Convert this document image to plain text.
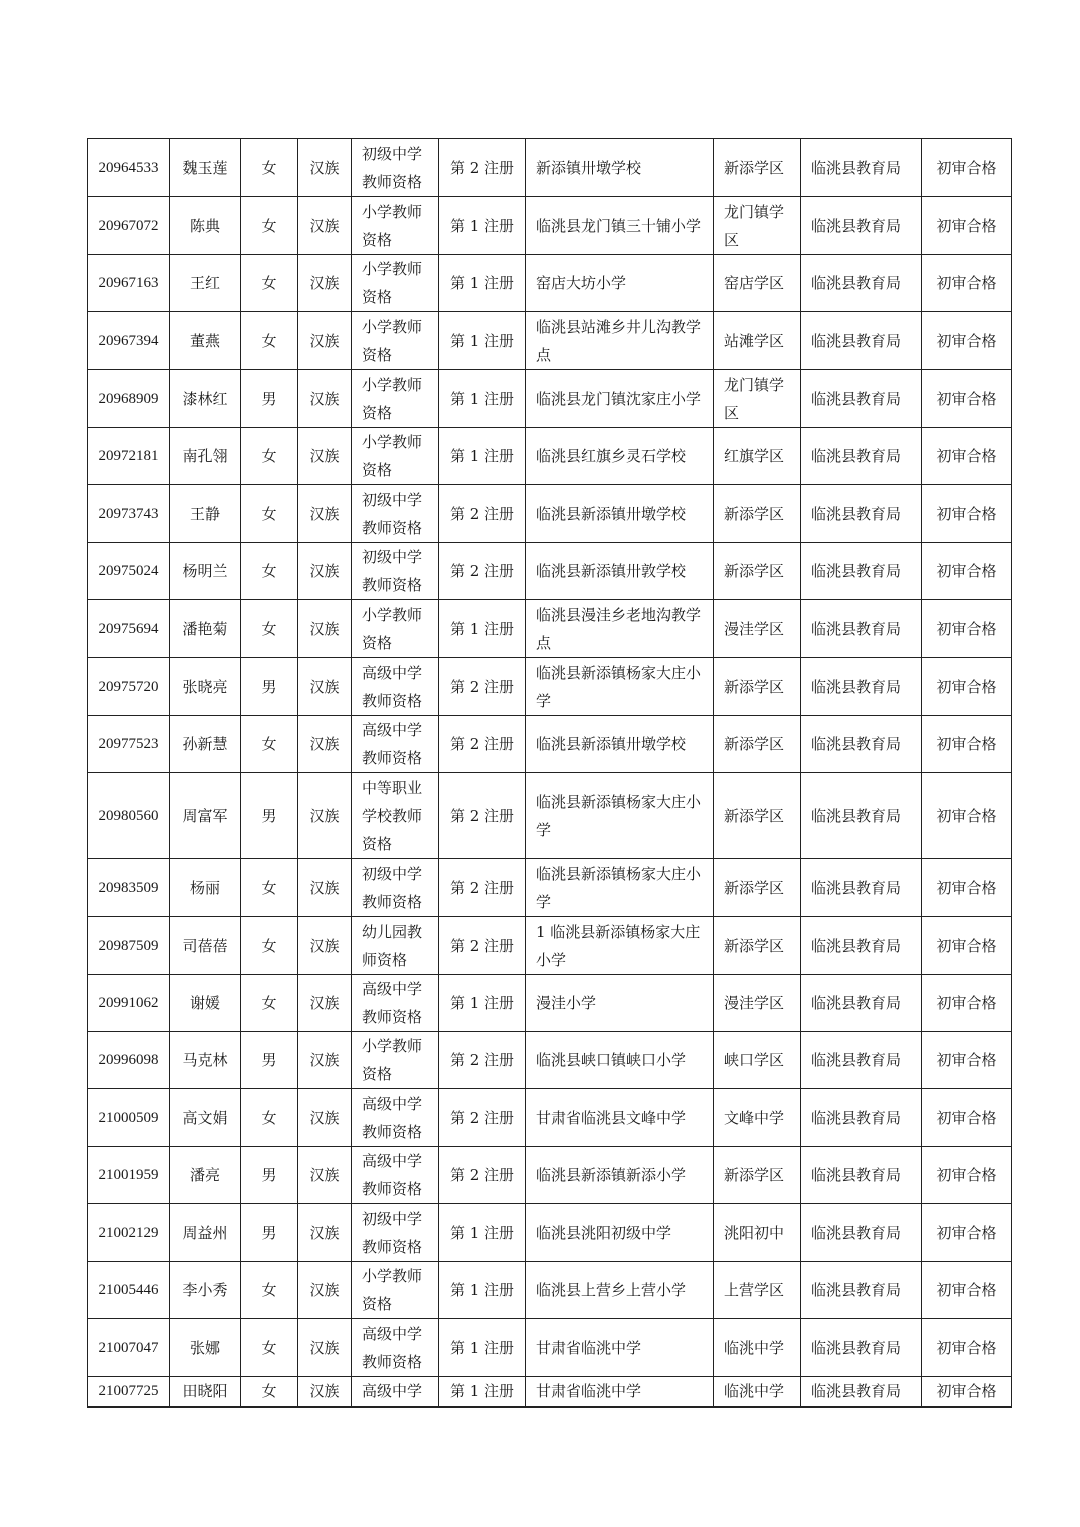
20964533	魏玉莲	女	汉族	初级中学教师资格	第 2 注册	新添镇卅墩学校	新添学区	临洮县教育局	初审合格
20967072	陈典	女	汉族	小学教师资格	第 1 注册	临洮县龙门镇三十铺小学	龙门镇学区	临洮县教育局	初审合格
20967163	王红	女	汉族	小学教师资格	第 1 注册	窑店大坊小学	窑店学区	临洮县教育局	初审合格
20967394	董燕	女	汉族	小学教师资格	第 1 注册	临洮县站滩乡井儿沟教学点	站滩学区	临洮县教育局	初审合格
20968909	漆林红	男	汉族	小学教师资格	第 1 注册	临洮县龙门镇沈家庄小学	龙门镇学区	临洮县教育局	初审合格
20972181	南孔翎	女	汉族	小学教师资格	第 1 注册	临洮县红旗乡灵石学校	红旗学区	临洮县教育局	初审合格
20973743	王静	女	汉族	初级中学教师资格	第 2 注册	临洮县新添镇卅墩学校	新添学区	临洮县教育局	初审合格
20975024	杨明兰	女	汉族	初级中学教师资格	第 2 注册	临洮县新添镇卅敦学校	新添学区	临洮县教育局	初审合格
20975694	潘艳菊	女	汉族	小学教师资格	第 1 注册	临洮县漫洼乡老地沟教学点	漫洼学区	临洮县教育局	初审合格
20975720	张晓亮	男	汉族	高级中学教师资格	第 2 注册	临洮县新添镇杨家大庄小学	新添学区	临洮县教育局	初审合格
20977523	孙新慧	女	汉族	高级中学教师资格	第 2 注册	临洮县新添镇卅墩学校	新添学区	临洮县教育局	初审合格
20980560	周富军	男	汉族	中等职业学校教师资格	第 2 注册	临洮县新添镇杨家大庄小学	新添学区	临洮县教育局	初审合格
20983509	杨丽	女	汉族	初级中学教师资格	第 2 注册	临洮县新添镇杨家大庄小学	新添学区	临洮县教育局	初审合格
20987509	司蓓蓓	女	汉族	幼儿园教师资格	第 2 注册	1 临洮县新添镇杨家大庄小学	新添学区	临洮县教育局	初审合格
20991062	谢媛	女	汉族	高级中学教师资格	第 1 注册	漫洼小学	漫洼学区	临洮县教育局	初审合格
20996098	马克林	男	汉族	小学教师资格	第 2 注册	临洮县峡口镇峡口小学	峡口学区	临洮县教育局	初审合格
21000509	高文娟	女	汉族	高级中学教师资格	第 2 注册	甘肃省临洮县文峰中学	文峰中学	临洮县教育局	初审合格
21001959	潘亮	男	汉族	高级中学教师资格	第 2 注册	临洮县新添镇新添小学	新添学区	临洮县教育局	初审合格
21002129	周益州	男	汉族	初级中学教师资格	第 1 注册	临洮县洮阳初级中学	洮阳初中	临洮县教育局	初审合格
21005446	李小秀	女	汉族	小学教师资格	第 1 注册	临洮县上营乡上营小学	上营学区	临洮县教育局	初审合格
21007047	张娜	女	汉族	高级中学教师资格	第 1 注册	甘肃省临洮中学	临洮中学	临洮县教育局	初审合格
21007725	田晓阳	女	汉族	高级中学	第 1 注册	甘肃省临洮中学	临洮中学	临洮县教育局	初审合格
